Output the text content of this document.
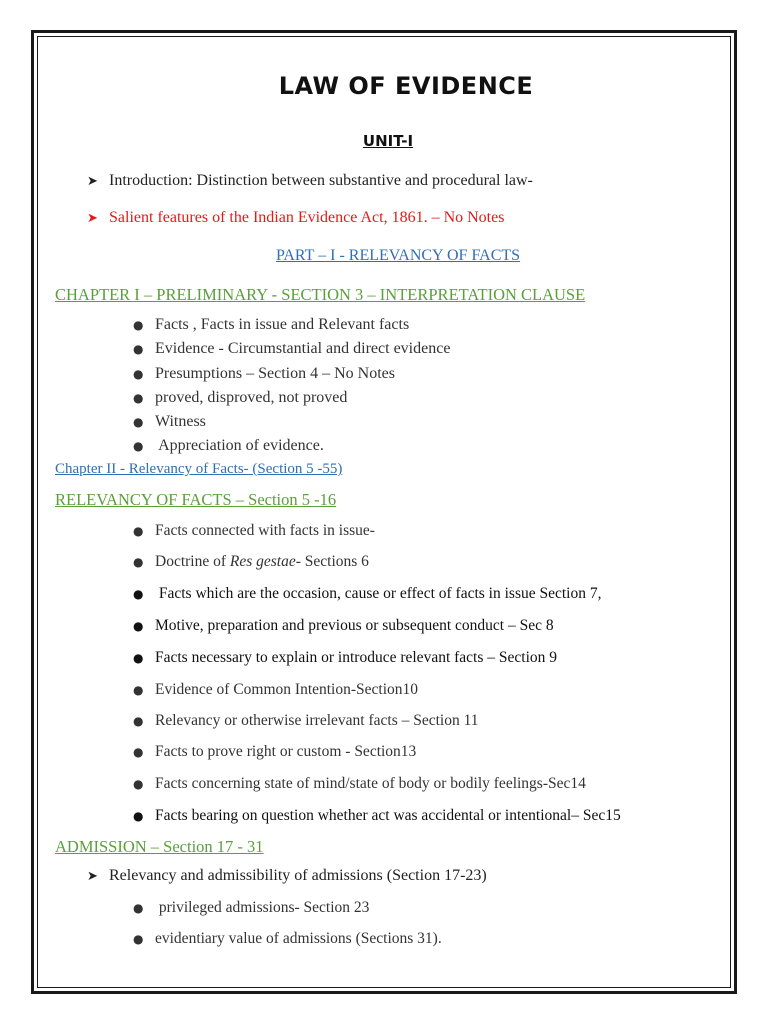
LAW OF EVIDENCE
UNIT-I
➤ Introduction: Distinction between substantive and procedural law-
➤ Salient features of the Indian Evidence Act, 1861. – No Notes
PART – I - RELEVANCY OF FACTS
CHAPTER I – PRELIMINARY - SECTION 3 – INTERPRETATION CLAUSE
● Facts , Facts in issue and Relevant facts
● Evidence - Circumstantial and direct evidence
● Presumptions – Section 4 – No Notes
● proved, disproved, not proved
● Witness
● Appreciation of evidence.
Chapter II - Relevancy of Facts- (Section 5 -55)
RELEVANCY OF FACTS – Section 5 -16
● Facts connected with facts in issue-
● Doctrine of Res gestae- Sections 6
● Facts which are the occasion, cause or effect of facts in issue Section 7,
● Motive, preparation and previous or subsequent conduct – Sec 8
● Facts necessary to explain or introduce relevant facts – Section 9
● Evidence of Common Intention-Section10
● Relevancy or otherwise irrelevant facts – Section 11
● Facts to prove right or custom - Section13
● Facts concerning state of mind/state of body or bodily feelings-Sec14
● Facts bearing on question whether act was accidental or intentional– Sec15
ADMISSION – Section 17 - 31
➤ Relevancy and admissibility of admissions (Section 17-23)
● privileged admissions- Section 23
● evidentiary value of admissions (Sections 31).
